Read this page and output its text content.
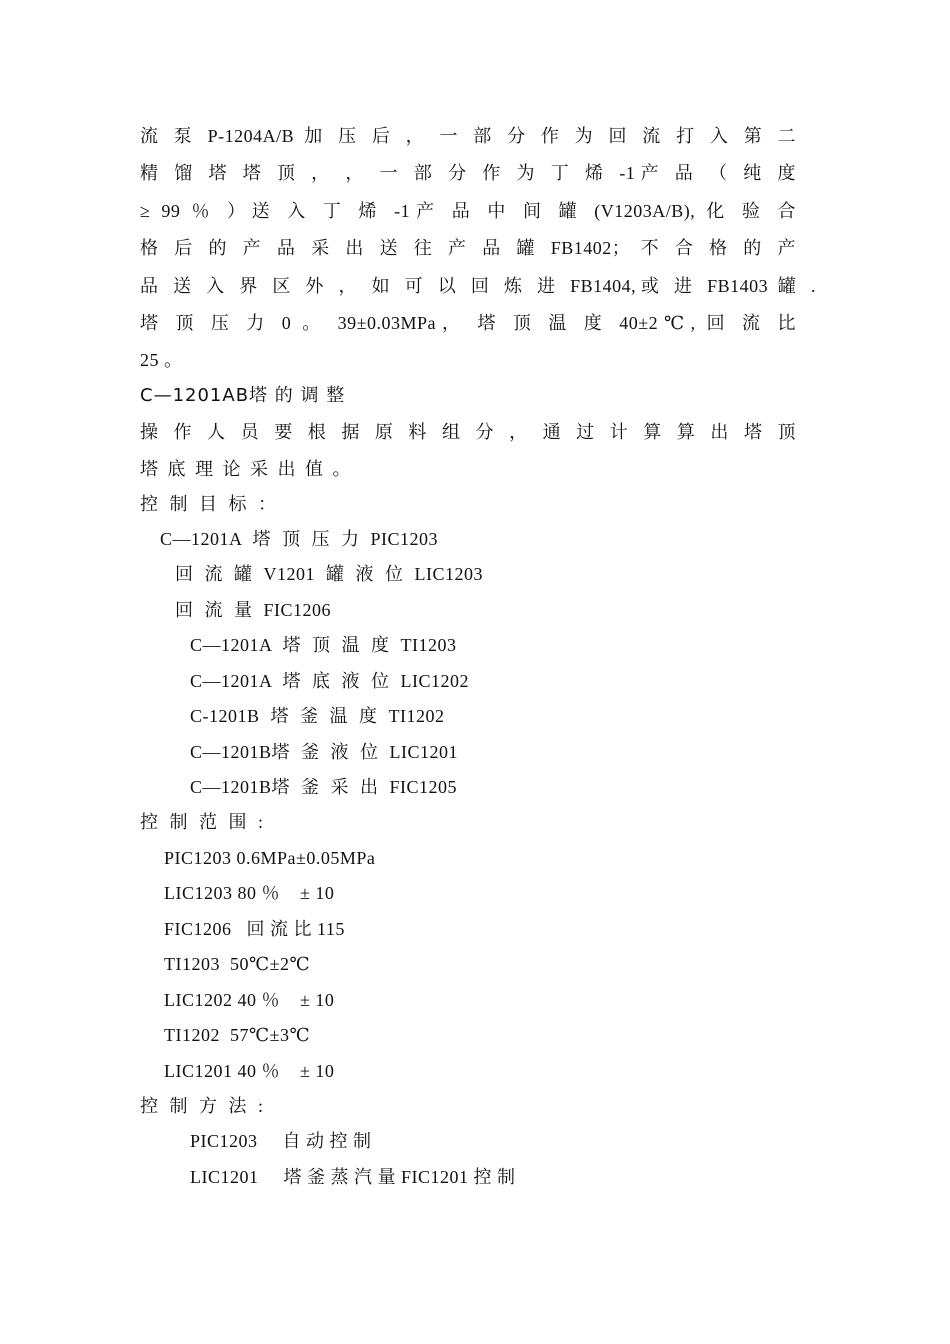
流 泵 P-1204A/B 加 压 后 ， 一 部 分 作 为 回 流 打 入 第 二
精 馏 塔 塔 顶 ， ， 一 部 分 作 为 丁 烯 -1产 品 （ 纯 度
≥ 99 ％ ）送 入 丁 烯 -1产 品 中 间 罐 (V1203A/B), 化 验 合
格 后 的 产 品 采 出 送 往 产 品 罐 FB1402； 不 合 格 的 产
品 送 入 界 区 外 ， 如 可 以 回 炼 进 FB1404,或 进 FB1403 罐 .
塔 顶 压 力 0 。 39±0.03MPa， 塔 顶 温 度 40±2℃, 回 流 比
25 。
C—1201AB塔 的 调 整
操 作 人 员 要 根 据 原 料 组 分 ， 通 过 计 算 算 出 塔 顶
塔 底 理 论 采 出 值 。
控 制 目 标 ：
C—1201A 塔 顶 压 力 PIC1203
回 流 罐 V1201 罐 液 位 LIC1203
回 流 量 FIC1206
C—1201A 塔 顶 温 度 TI1203
C—1201A 塔 底 液 位 LIC1202
C-1201B 塔 釜 温 度 TI1202
C—1201B塔 釜 液 位 LIC1201
C—1201B塔 釜 采 出 FIC1205
控 制 范 围 :
PIC1203 0.6MPa±0.05MPa
LIC1203 80 ％    ± 10
FIC1206   回 流 比 115
TI1203  50℃±2℃
LIC1202 40 ％    ± 10
TI1202  57℃±3℃
LIC1201 40 ％    ± 10
控 制 方 法 :
PIC1203     自 动 控 制
LIC1201     塔 釜 蒸 汽 量 FIC1201 控 制
